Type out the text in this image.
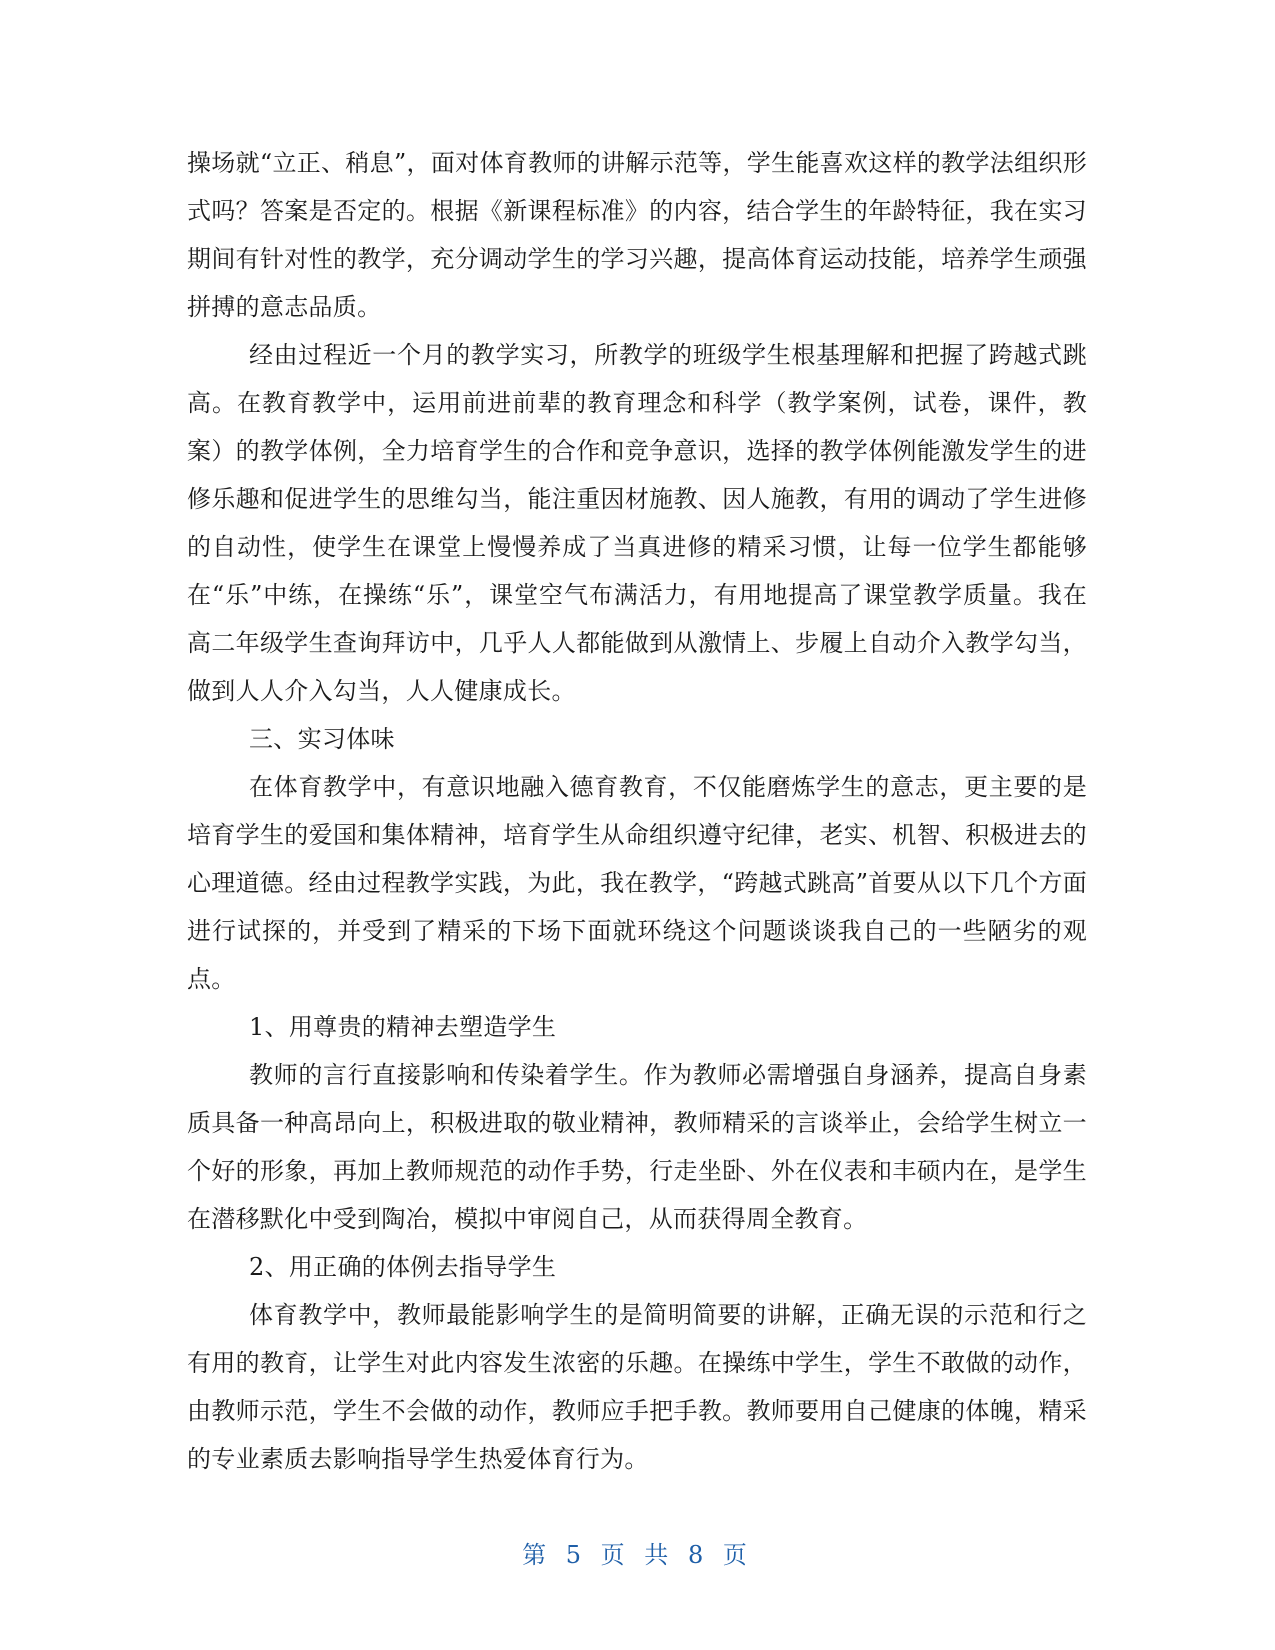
操场就“立正、稍息”，面对体育教师的讲解示范等，学生能喜欢这样的教学法组织形式吗？答案是否定的。根据《新课程标准》的内容，结合学生的年龄特征，我在实习期间有针对性的教学，充分调动学生的学习兴趣，提高体育运动技能，培养学生顽强拼搏的意志品质。

经由过程近一个月的教学实习，所教学的班级学生根基理解和把握了跨越式跳高。在教育教学中，运用前进前辈的教育理念和科学（教学案例，试卷，课件，教案）的教学体例，全力培育学生的合作和竞争意识，选择的教学体例能激发学生的进修乐趣和促进学生的思维勾当，能注重因材施教、因人施教，有用的调动了学生进修的自动性，使学生在课堂上慢慢养成了当真进修的精采习惯，让每一位学生都能够在“乐”中练，在操练“乐”，课堂空气布满活力，有用地提高了课堂教学质量。我在高二年级学生查询拜访中，几乎人人都能做到从激情上、步履上自动介入教学勾当，做到人人介入勾当，人人健康成长。

三、实习体味

在体育教学中，有意识地融入德育教育，不仅能磨炼学生的意志，更主要的是培育学生的爱国和集体精神，培育学生从命组织遵守纪律，老实、机智、积极进去的心理道德。经由过程教学实践，为此，我在教学，“跨越式跳高”首要从以下几个方面进行试探的，并受到了精采的下场下面就环绕这个问题谈谈我自己的一些陋劣的观点。

1、用尊贵的精神去塑造学生

教师的言行直接影响和传染着学生。作为教师必需增强自身涵养，提高自身素质具备一种高昂向上，积极进取的敬业精神，教师精采的言谈举止，会给学生树立一个好的形象，再加上教师规范的动作手势，行走坐卧、外在仪表和丰硕内在，是学生在潜移默化中受到陶冶，模拟中审阅自己，从而获得周全教育。

2、用正确的体例去指导学生

体育教学中，教师最能影响学生的是简明简要的讲解，正确无误的示范和行之有用的教育，让学生对此内容发生浓密的乐趣。在操练中学生，学生不敢做的动作，由教师示范，学生不会做的动作，教师应手把手教。教师要用自己健康的体魄，精采的专业素质去影响指导学生热爱体育行为。

第 5 页 共 8 页
